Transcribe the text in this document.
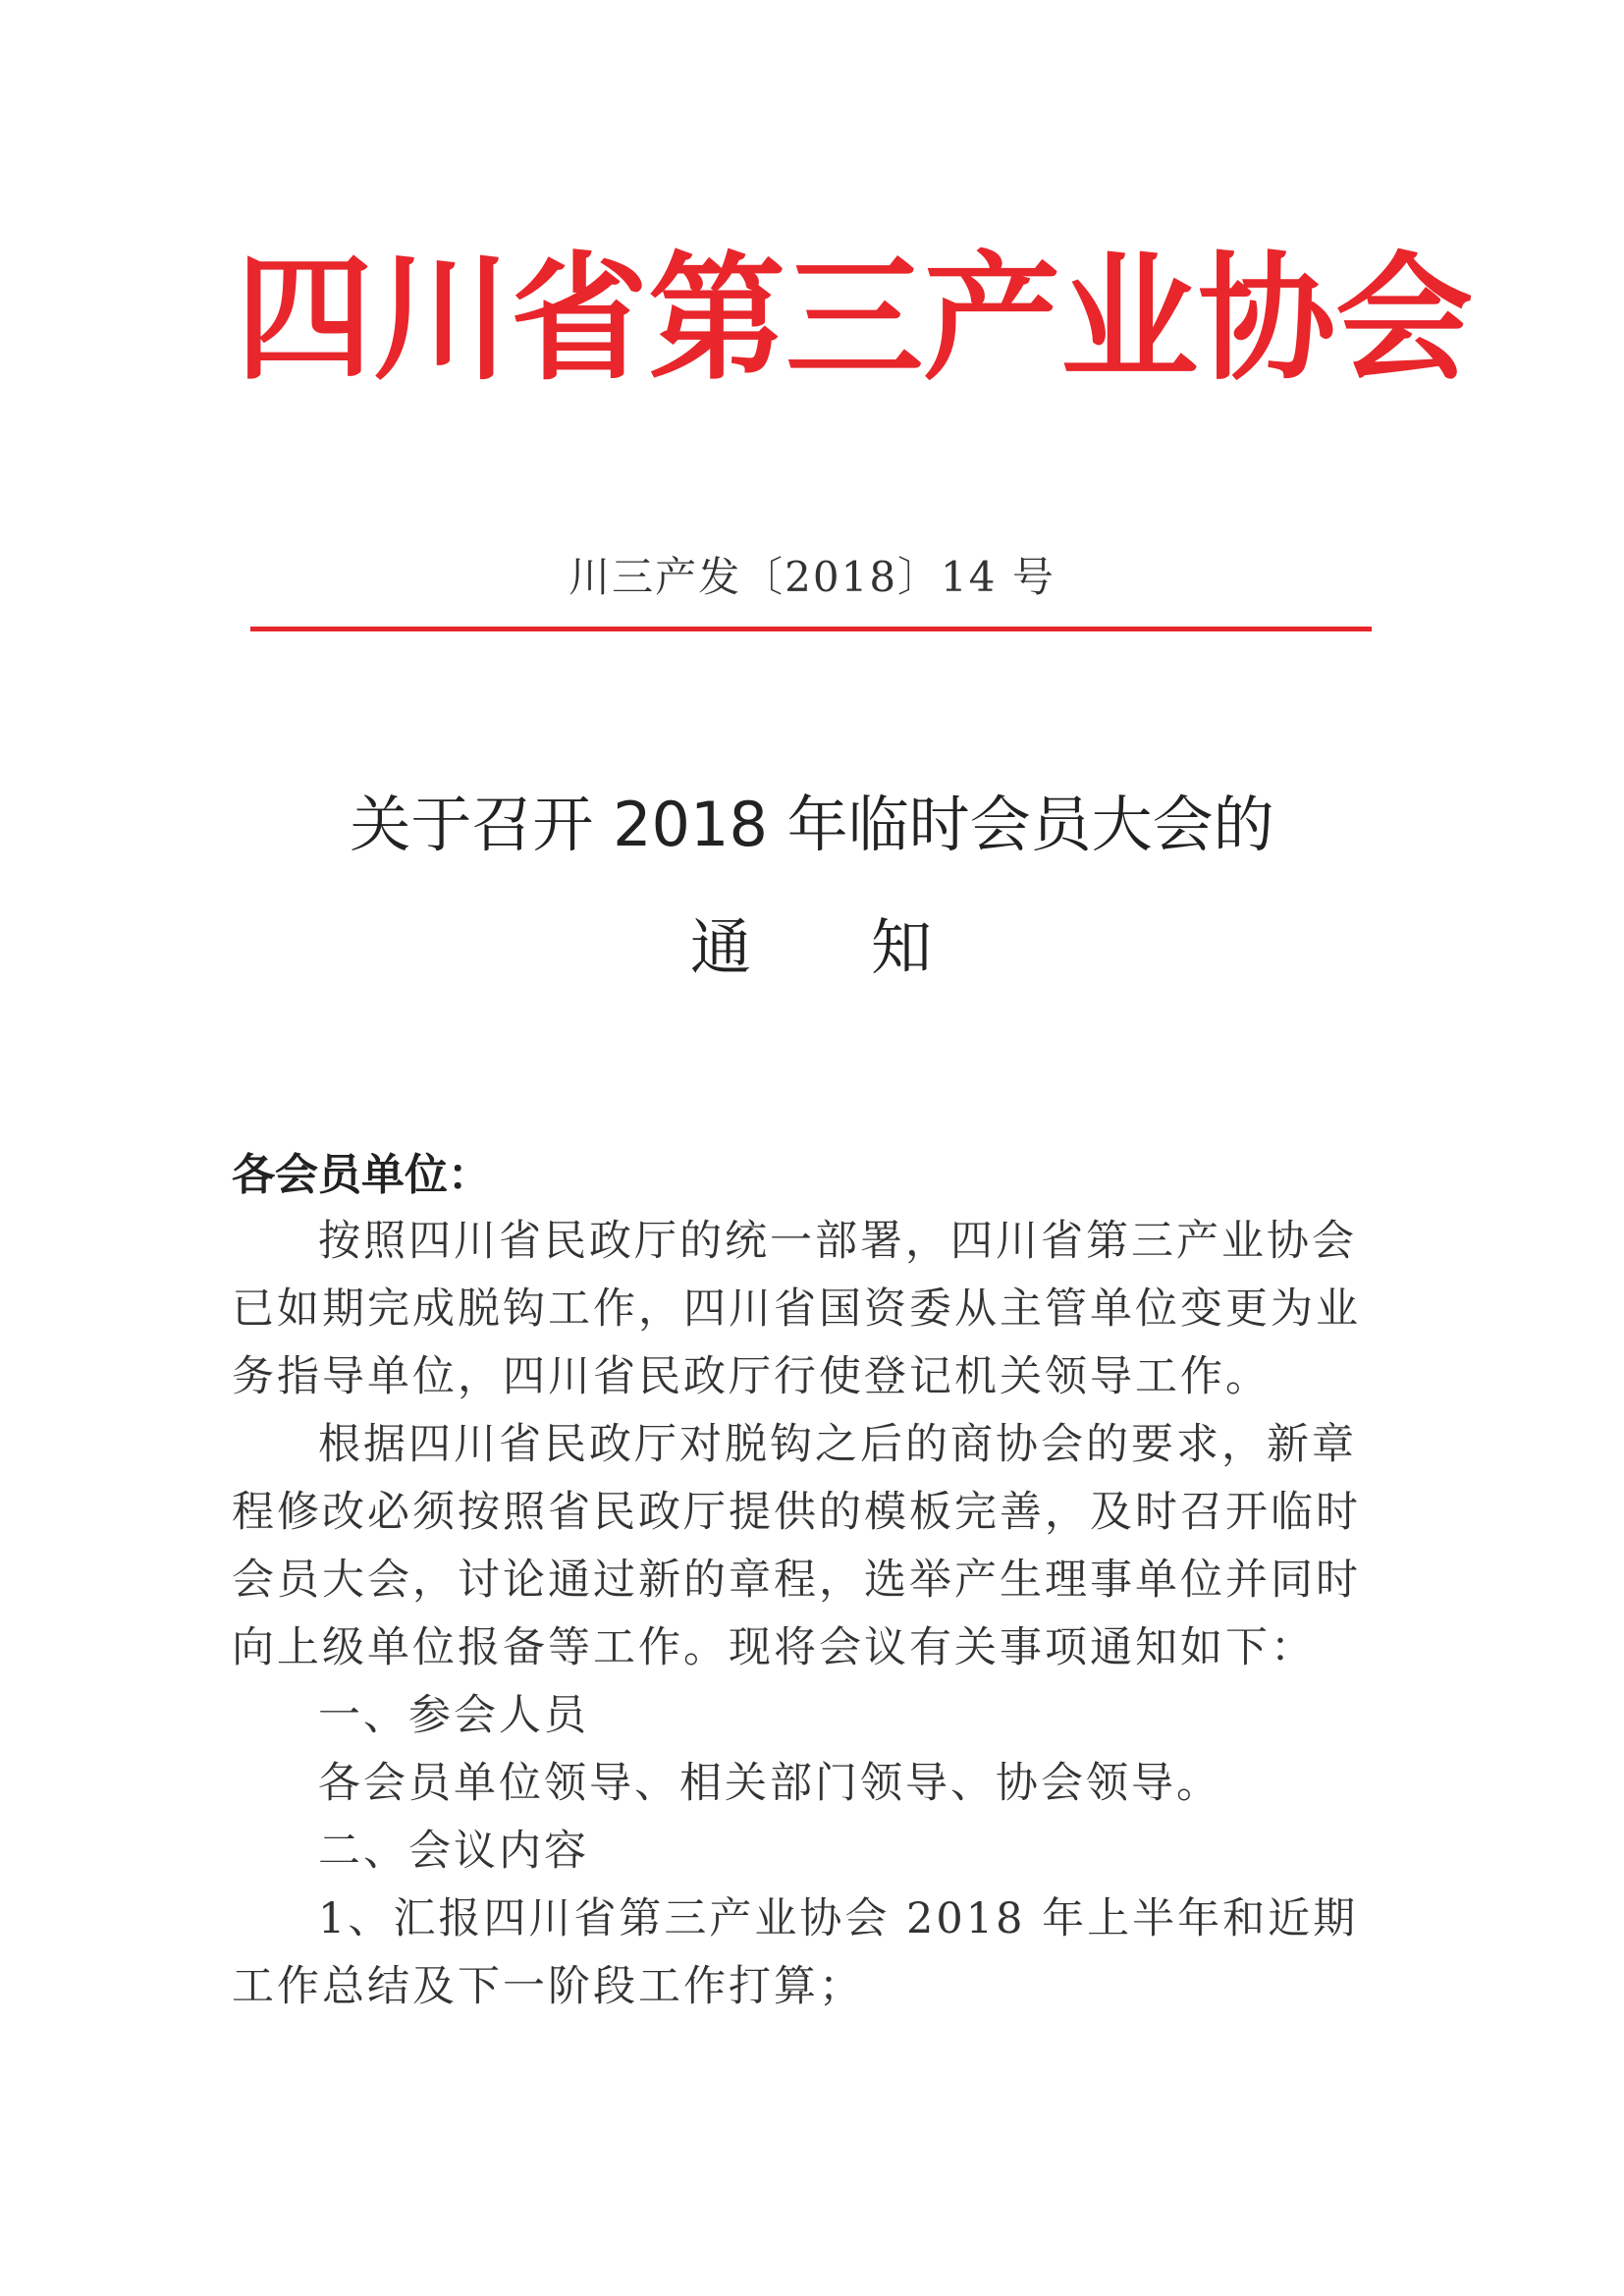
四 川 省 第 三 产 业 协 会
川三产发〔2018〕14 号
关于召开 2018 年临时会员大会的
通 知
各会员单位：

按照四川省民政厅的统一部署，四川省第三产业协会已如期完成脱钩工作，四川省国资委从主管单位变更为业务指导单位，四川省民政厅行使登记机关领导工作。

根据四川省民政厅对脱钩之后的商协会的要求，新章程修改必须按照省民政厅提供的模板完善，及时召开临时会员大会，讨论通过新的章程，选举产生理事单位并同时向上级单位报备等工作。现将会议有关事项通知如下：

一、参会人员

各会员单位领导、相关部门领导、协会领导。

二、会议内容

1、汇报四川省第三产业协会 2018 年上半年和近期工作总结及下一阶段工作打算；
